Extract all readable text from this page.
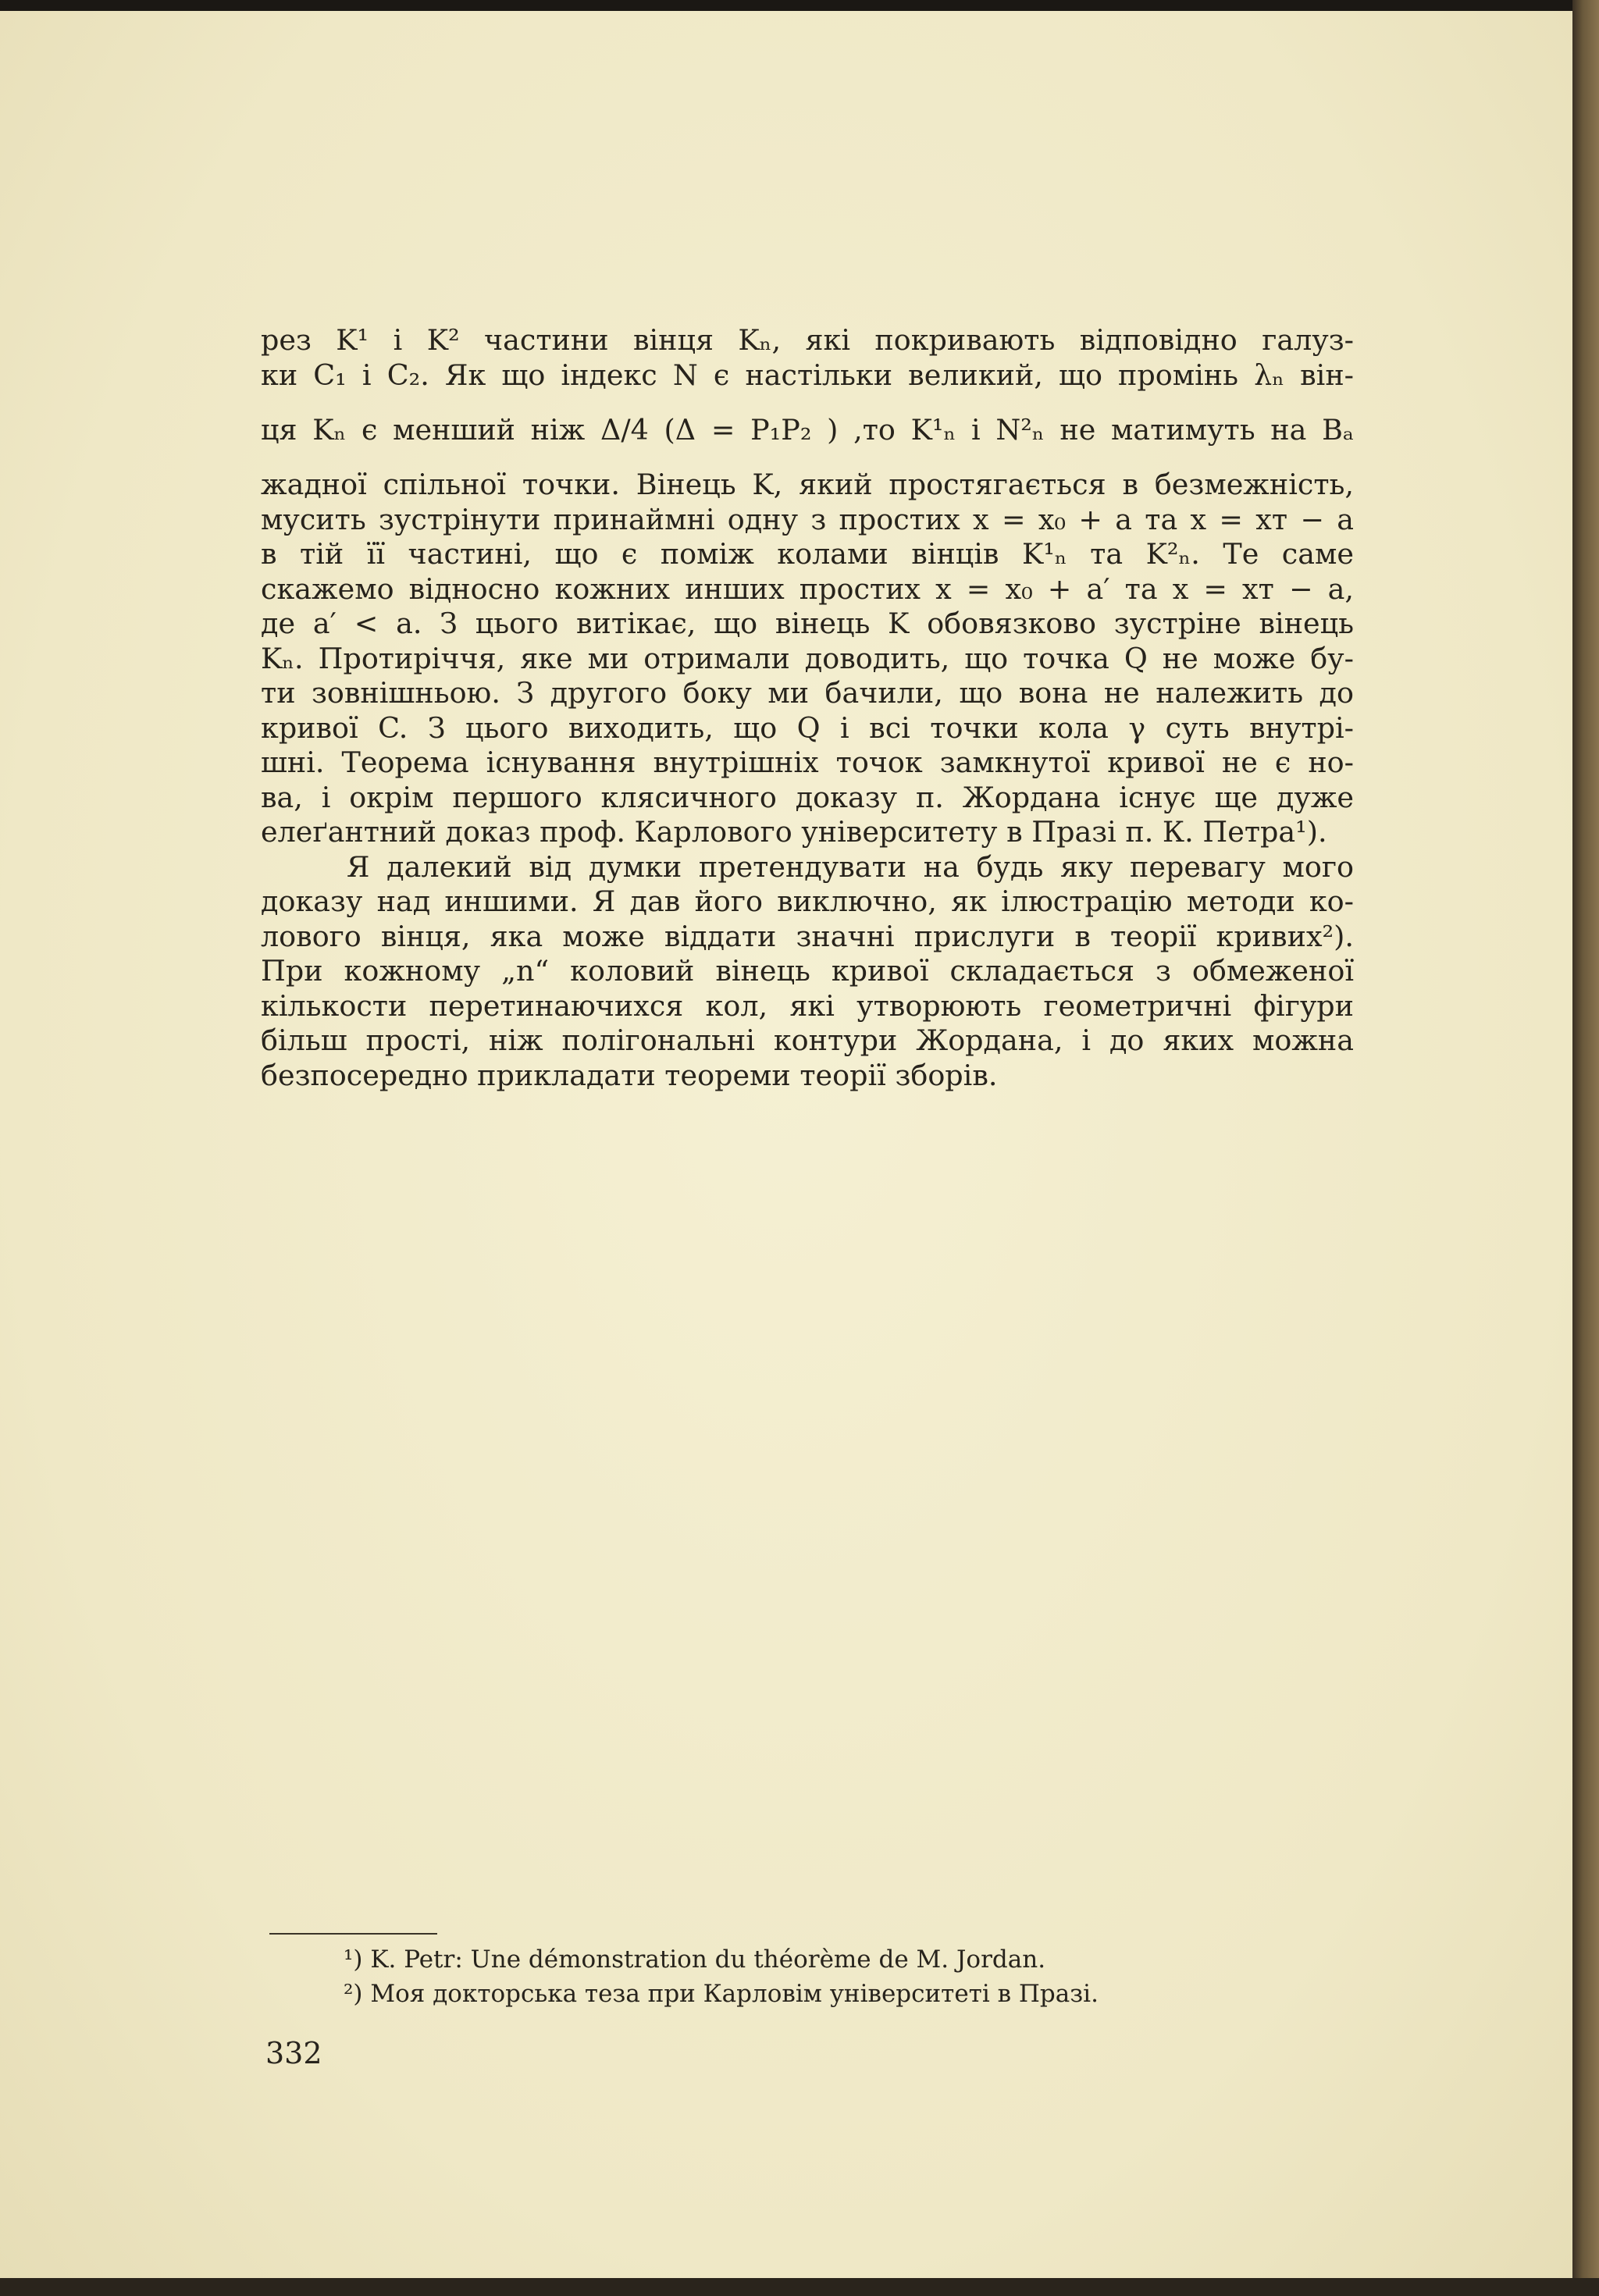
рез K¹ і K² частини вінця Kₙ, які покривають відповідно галуз-
ки C₁ і C₂. Як що індекс N є настільки великий, що промінь λₙ він-
ця Kₙ є менший ніж Δ/4 (Δ = P₁P₂ ) ,то K¹ₙ і N²ₙ не матимуть на Bₐ
жадної спільної точки. Вінець K, який простягається в безмежність,
мусить зустрінути принаймні одну з простих x = x₀ + a та x = xᴛ − a
в тій її частині, що є поміж колами вінців K¹ₙ та K²ₙ. Те саме
скажемо відносно кожних инших простих x = x₀ + a′ та x = xᴛ − a,
де a′ < a. З цього витікає, що вінець K обовязково зустріне вінець
Kₙ. Протиріччя, яке ми отримали доводить, що точка Q не може бу-
ти зовнішньою. З другого боку ми бачили, що вона не належить до
кривої C. З цього виходить, що Q і всі точки кола γ суть внутрі-
шні. Теорема існування внутрішніх точок замкнутої кривої не є но-
ва, і окрім першого клясичного доказу п. Жордана існує ще дуже
елеґантний доказ проф. Карлового університету в Празі п. К. Петра¹).
Я далекий від думки претендувати на будь яку перевагу мого
доказу над иншими. Я дав його виключно, як ілюстрацію методи ко-
лового вінця, яка може віддати значні прислуги в теорії кривих²).
При кожному „n“ коловий вінець кривої складається з обмеженої
кількости перетинаючихся кол, які утворюють геометричні фігури
більш прості, ніж полігональні контури Жордана, і до яких можна
безпосередно прикладати теореми теорії зборів.
¹) K. Petr: Une démonstration du théorème de M. Jordan.
²) Моя докторська теза при Карловім університеті в Празі.
332
